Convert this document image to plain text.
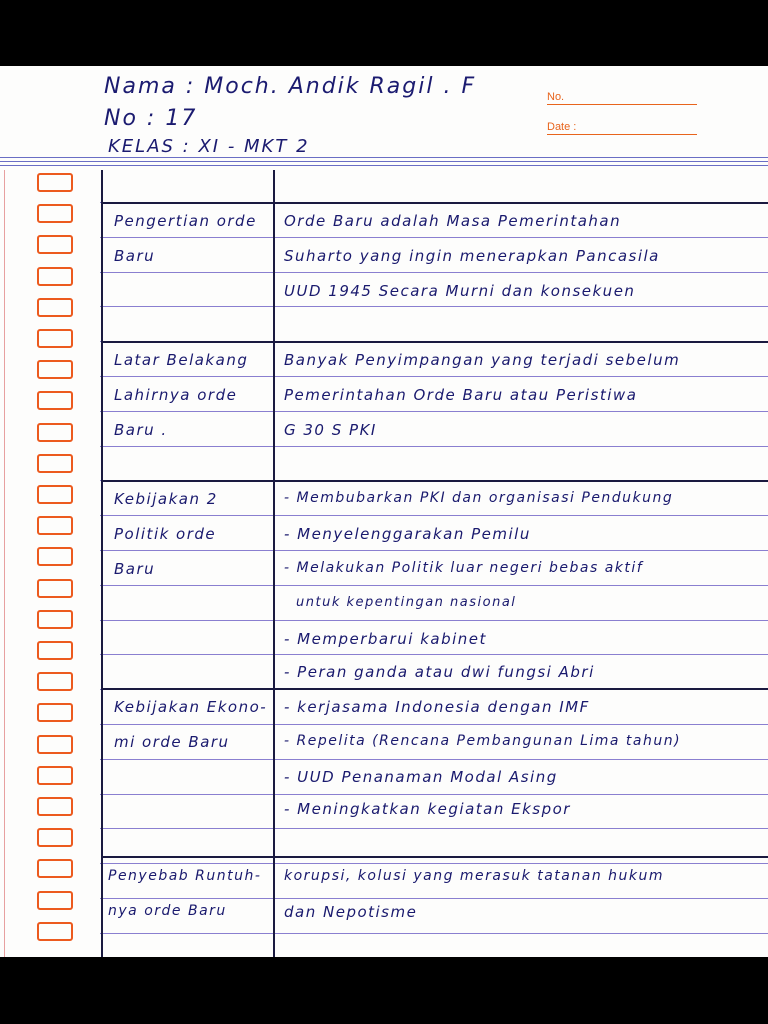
Nama : Moch. Andik Ragil . F
No : 17
KELAS : XI - MKT 2
No.
Date :
Pengertian orde
Baru
Orde Baru adalah Masa Pemerintahan
Suharto yang ingin menerapkan Pancasila
UUD 1945 Secara Murni dan konsekuen
Latar Belakang
Lahirnya orde
Baru .
Banyak Penyimpangan yang terjadi sebelum
Pemerintahan Orde Baru atau Peristiwa
G 30 S PKI
Kebijakan 2
Politik orde
Baru
- Membubarkan PKI dan organisasi Pendukung
- Menyelenggarakan Pemilu
- Melakukan Politik luar negeri bebas aktif
untuk kepentingan nasional
- Memperbarui kabinet
- Peran ganda atau dwi fungsi Abri
Kebijakan Ekono-
mi orde Baru
- kerjasama Indonesia dengan IMF
- Repelita (Rencana Pembangunan Lima tahun)
- UUD Penanaman Modal Asing
- Meningkatkan kegiatan Ekspor
Penyebab Runtuh-
nya orde Baru
korupsi, kolusi yang merasuk tatanan hukum
dan Nepotisme
